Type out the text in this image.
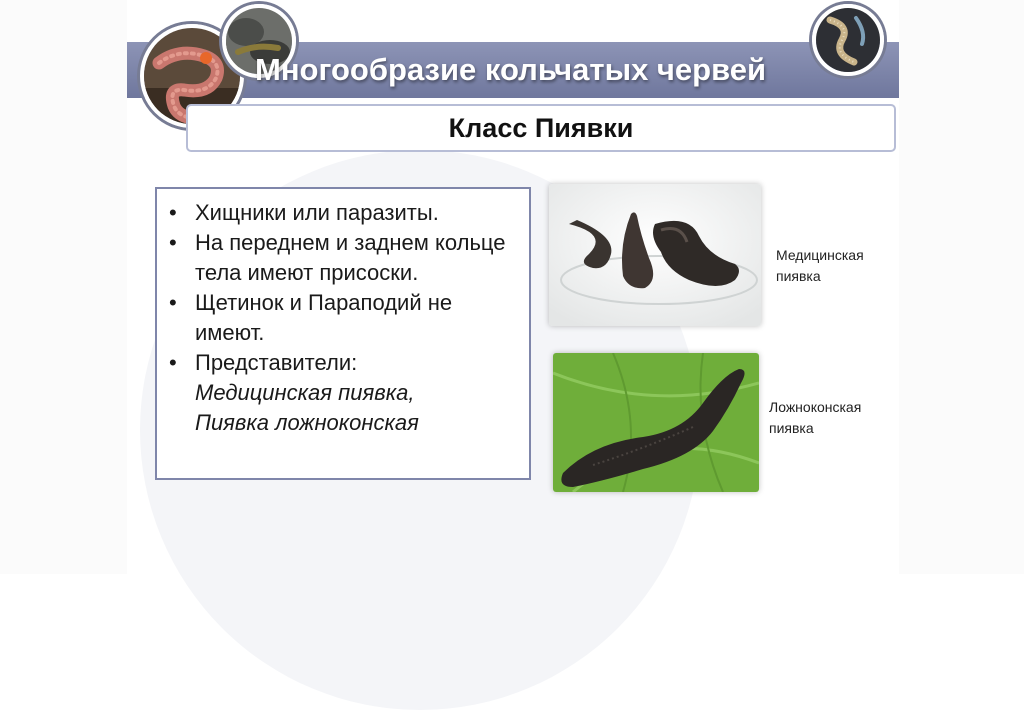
Многообразие кольчатых червей
Класс Пиявки
• Хищники или паразиты.
• На переднем и заднем кольце тела имеют присоски.
• Щетинок и Параподий не имеют.
• Представители:
Медицинская пиявка,
Пиявка ложноконская
Медицинская пиявка
Ложноконская пиявка
